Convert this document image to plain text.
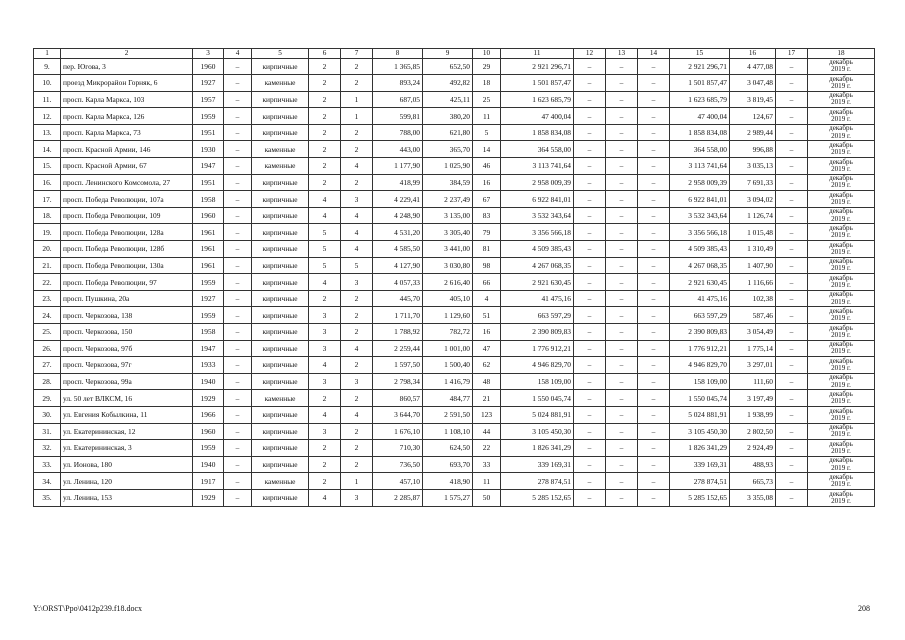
1	2	3	4	5	6	7	8	9	10	11	12	13	14	15	16	17	18
9.	пер. Югова, 3	1960	–	кирпичные	2	2	1 365,85	652,50	29	2 921 296,71	–	–	–	2 921 296,71	4 477,08	–	декабрь
2019 г.

10.	проезд Микрорайон Горняк, 6	1927	–	каменные	2	2	893,24	492,82	18	1 501 857,47	–	–	–	1 501 857,47	3 047,48	–	декабрь
2019 г.

11.	просп. Карла Маркса, 103	1957	–	кирпичные	2	1	687,05	425,11	25	1 623 685,79	–	–	–	1 623 685,79	3 819,45	–	декабрь
2019 г.

12.	просп. Карла Маркса, 126	1959	–	кирпичные	2	1	599,81	380,20	11	47 400,04	–	–	–	47 400,04	124,67	–	декабрь
2019 г.

13.	просп. Карла Маркса, 73	1951	–	кирпичные	2	2	788,00	621,80	5	1 858 834,08	–	–	–	1 858 834,08	2 989,44	–	декабрь
2019 г.

14.	просп. Красной Армии, 146	1930	–	каменные	2	2	443,00	365,70	14	364 558,00	–	–	–	364 558,00	996,88	–	декабрь
2019 г.

15.	просп. Красной Армии, 67	1947	–	каменные	2	4	1 177,90	1 025,90	46	3 113 741,64	–	–	–	3 113 741,64	3 035,13	–	декабрь
2019 г.

16.	просп. Ленинского Комсомола, 27	1951	–	кирпичные	2	2	418,99	384,59	16	2 958 009,39	–	–	–	2 958 009,39	7 691,33	–	декабрь
2019 г.

17.	просп. Победа Революции, 107а	1958	–	кирпичные	4	3	4 229,41	2 237,49	67	6 922 841,01	–	–	–	6 922 841,01	3 094,02	–	декабрь
2019 г.

18.	просп. Победа Революции, 109	1960	–	кирпичные	4	4	4 248,90	3 135,00	83	3 532 343,64	–	–	–	3 532 343,64	1 126,74	–	декабрь
2019 г.

19.	просп. Победа Революции, 128а	1961	–	кирпичные	5	4	4 531,20	3 305,40	79	3 356 566,18	–	–	–	3 356 566,18	1 015,48	–	декабрь
2019 г.

20.	просп. Победа Революции, 128б	1961	–	кирпичные	5	4	4 585,50	3 441,00	81	4 509 385,43	–	–	–	4 509 385,43	1 310,49	–	декабрь
2019 г.

21.	просп. Победа Революции, 130а	1961	–	кирпичные	5	5	4 127,90	3 030,80	98	4 267 068,35	–	–	–	4 267 068,35	1 407,90	–	декабрь
2019 г.

22.	просп. Победа Революции, 97	1959	–	кирпичные	4	3	4 057,33	2 616,40	66	2 921 630,45	–	–	–	2 921 630,45	1 116,66	–	декабрь
2019 г.

23.	просп. Пушкина, 20а	1927	–	кирпичные	2	2	445,70	405,10	4	41 475,16	–	–	–	41 475,16	102,38	–	декабрь
2019 г.

24.	просп. Черкозова, 138	1959	–	кирпичные	3	2	1 711,70	1 129,60	51	663 597,29	–	–	–	663 597,29	587,46	–	декабрь
2019 г.

25.	просп. Черкозова, 150	1958	–	кирпичные	3	2	1 788,92	782,72	16	2 390 809,83	–	–	–	2 390 809,83	3 054,49	–	декабрь
2019 г.

26.	просп. Черкозова, 97б	1947	–	кирпичные	3	4	2 259,44	1 001,00	47	1 776 912,21	–	–	–	1 776 912,21	1 775,14	–	декабрь
2019 г.

27.	просп. Черкозова, 97г	1933	–	кирпичные	4	2	1 597,50	1 500,40	62	4 946 829,70	–	–	–	4 946 829,70	3 297,01	–	декабрь
2019 г.

28.	просп. Черкозова, 99а	1940	–	кирпичные	3	3	2 798,34	1 416,79	48	158 109,00	–	–	–	158 109,00	111,60	–	декабрь
2019 г.

29.	ул. 50 лет ВЛКСМ, 16	1929	–	каменные	2	2	860,57	484,77	21	1 550 045,74	–	–	–	1 550 045,74	3 197,49	–	декабрь
2019 г.

30.	ул. Евгения Кобылкина, 11	1966	–	кирпичные	4	4	3 644,70	2 591,50	123	5 024 881,91	–	–	–	5 024 881,91	1 938,99	–	декабрь
2019 г.

31.	ул. Екатерининская, 12	1960	–	кирпичные	3	2	1 676,10	1 108,10	44	3 105 450,30	–	–	–	3 105 450,30	2 802,50	–	декабрь
2019 г.

32.	ул. Екатерининская, 3	1959	–	кирпичные	2	2	710,30	624,50	22	1 826 341,29	–	–	–	1 826 341,29	2 924,49	–	декабрь
2019 г.

33.	ул. Ионова, 180	1940	–	кирпичные	2	2	736,50	693,70	33	339 169,31	–	–	–	339 169,31	488,93	–	декабрь
2019 г.

34.	ул. Ленина, 120	1917	–	каменные	2	1	457,10	418,90	11	278 874,51	–	–	–	278 874,51	665,73	–	декабрь
2019 г.

35.	ул. Ленина, 153	1929	–	кирпичные	4	3	2 285,87	1 575,27	50	5 285 152,65	–	–	–	5 285 152,65	3 355,08	–	декабрь
2019 г.
Y:\ORST\Ppo\0412p239.f18.docx	208
